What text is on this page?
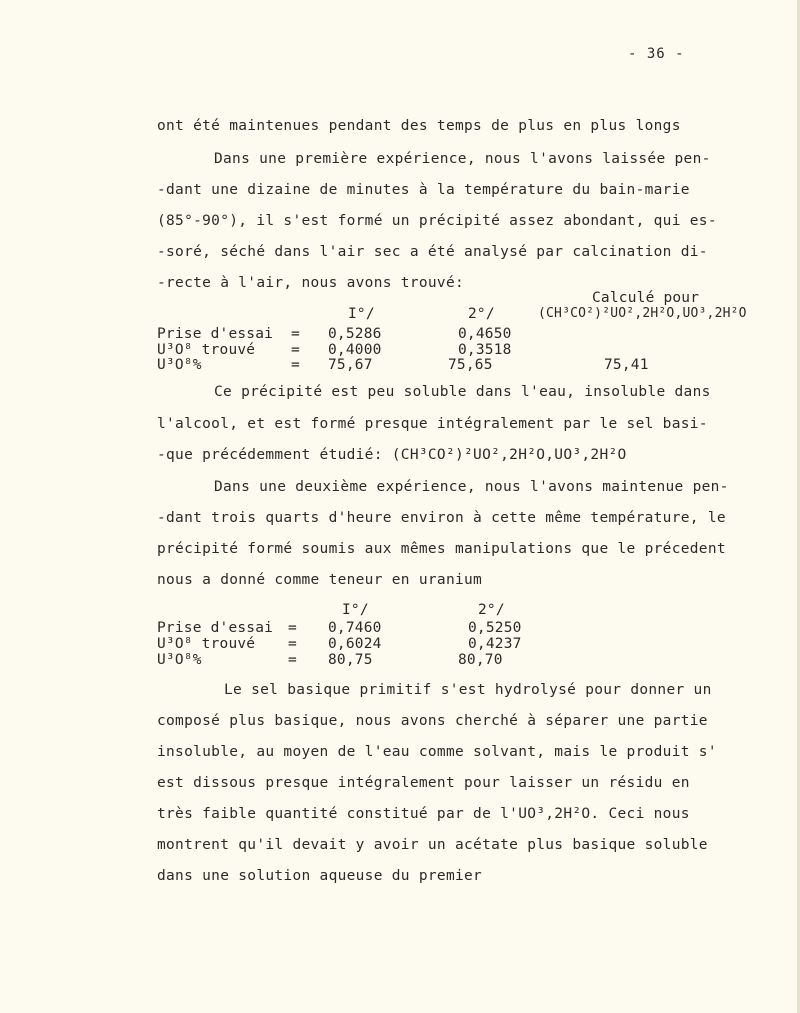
- 36 -
ont été maintenues pendant des temps de plus en plus longs
Dans une première expérience, nous l'avons laissée pen-
-dant une dizaine de minutes à la température du bain-marie
(85°-90°), il s'est formé un précipité assez abondant, qui es-
-soré, séché dans l'air sec a été analysé par calcination di-
-recte à l'air, nous avons trouvé:
I°/	2°/
Calculé pour
(CH³CO²)²UO²,2H²O,UO³,2H²O
Prise d'essai = 0,5286	0,4650
U³O⁸ trouvé = 0,4000	0,3518
U³O⁸%	= 75,67	75,65	75,41
Ce précipité est peu soluble dans l'eau, insoluble dans
l'alcool, et est formé presque intégralement par le sel basi-
-que précédemment étudié: (CH³CO²)²UO²,2H²O,UO³,2H²O
Dans une deuxième expérience, nous l'avons maintenue pen-
-dant trois quarts d'heure environ à cette même température, le
précipité formé soumis aux mêmes manipulations que le précedent
nous a donné comme teneur en uranium
I°/	2°/
Prise d'essai = 0,7460	0,5250
U³O⁸ trouvé = 0,6024	0,4237
U³O⁸%	= 80,75	80,70
Le sel basique primitif s'est hydrolysé pour donner un
composé plus basique, nous avons cherché à séparer une partie
insoluble, au moyen de l'eau comme solvant, mais le produit s'
est dissous presque intégralement pour laisser un résidu en
très faible quantité constitué par de l'UO³,2H²O. Ceci nous
montrent qu'il devait y avoir un acétate plus basique soluble
dans une solution aqueuse du premier
